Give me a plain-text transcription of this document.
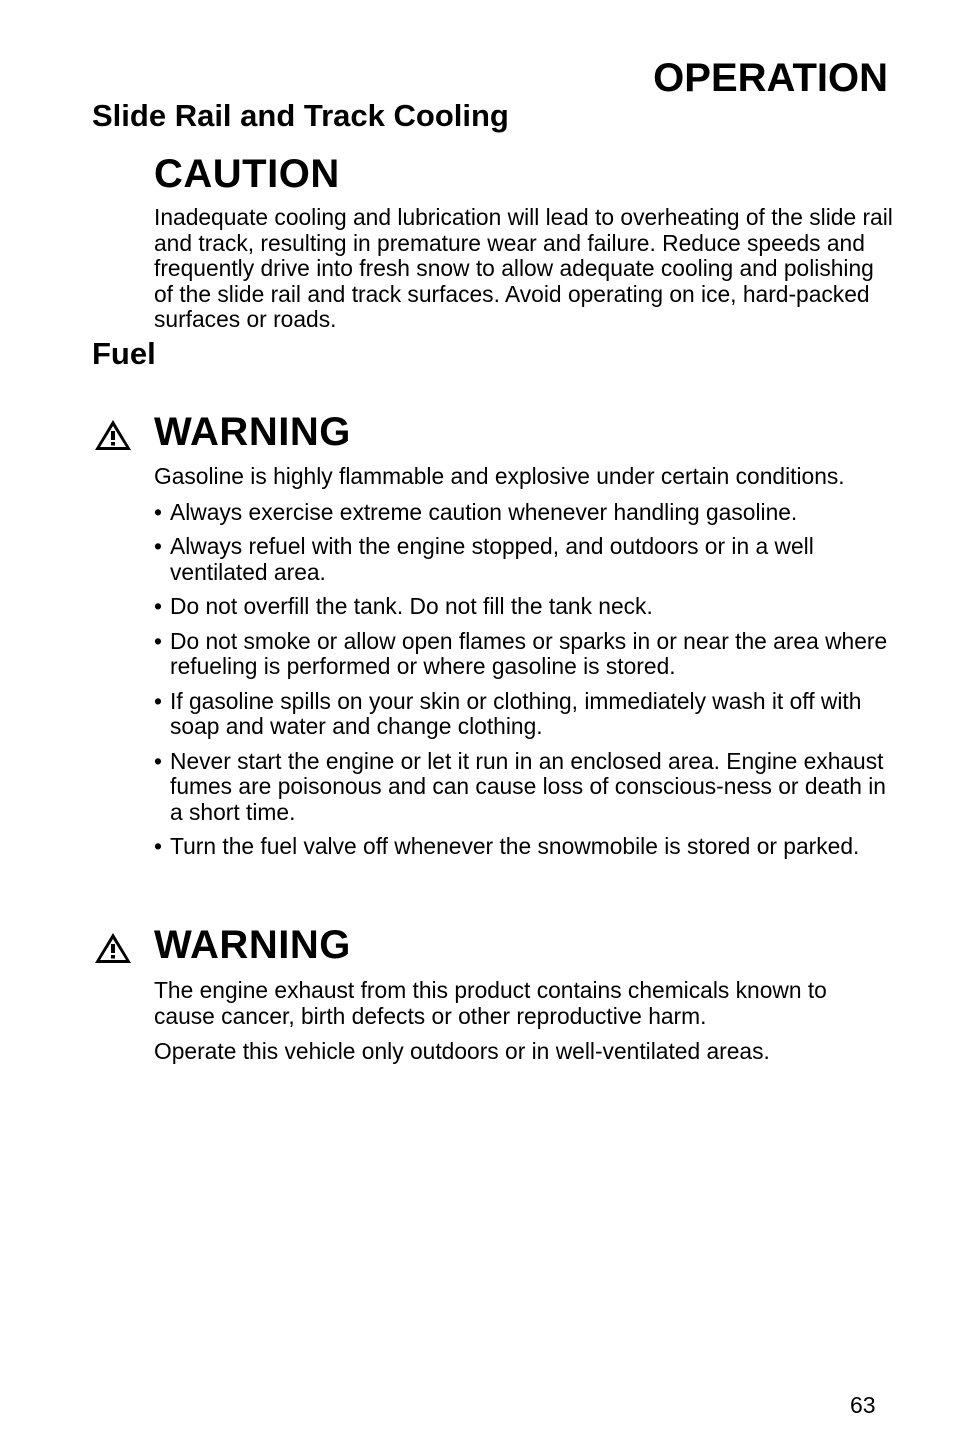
OPERATION
Slide Rail and Track Cooling
CAUTION

Inadequate cooling and lubrication will lead to overheating of the slide rail and track, resulting in premature wear and failure. Reduce speeds and frequently drive into fresh snow to allow adequate cooling and polishing of the slide rail and track surfaces. Avoid operating on ice, hard-packed surfaces or roads.

Fuel
WARNING

Gasoline is highly flammable and explosive under certain conditions.

• Always exercise extreme caution whenever handling gasoline.
• Always refuel with the engine stopped, and outdoors or in a well ventilated area.
• Do not overfill the tank. Do not fill the tank neck.
• Do not smoke or allow open flames or sparks in or near the area where refueling is performed or where gasoline is stored.
• If gasoline spills on your skin or clothing, immediately wash it off with soap and water and change clothing.
• Never start the engine or let it run in an enclosed area. Engine exhaust fumes are poisonous and can cause loss of conscious-ness or death in a short time.
• Turn the fuel valve off whenever the snowmobile is stored or parked.
WARNING

The engine exhaust from this product contains chemicals known to cause cancer, birth defects or other reproductive harm.

Operate this vehicle only outdoors or in well-ventilated areas.

63
